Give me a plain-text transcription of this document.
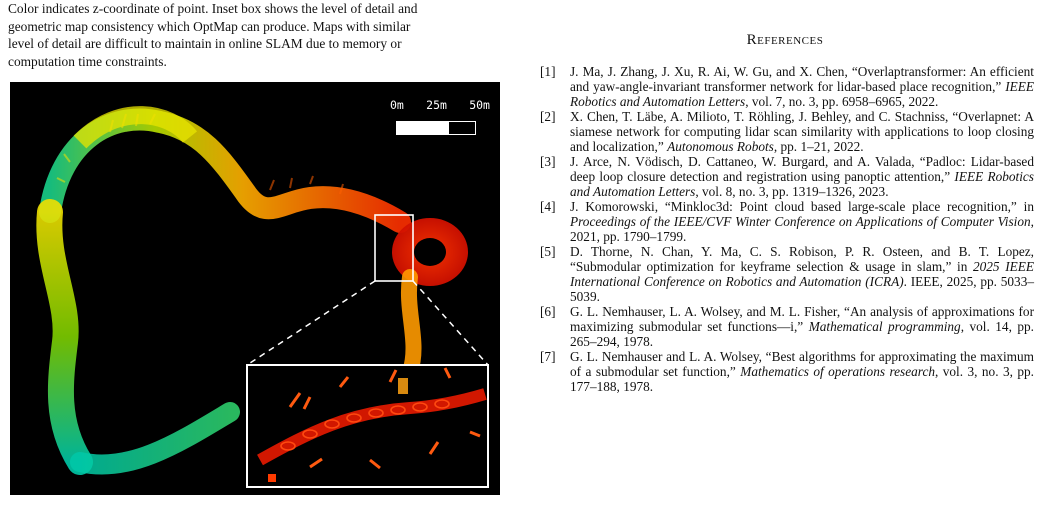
Color indicates z-coordinate of point. Inset box shows the level of detail and

geometric map consistency which OptMap can produce. Maps with similar

level of detail are difficult to maintain in online SLAM due to memory or

computation time constraints.

0m 25m 50m
References
[1] J. Ma, J. Zhang, J. Xu, R. Ai, W. Gu, and X. Chen, “Overlaptransformer: An efficient and yaw-angle-invariant transformer network for lidar-based place recognition,” IEEE Robotics and Automation Letters, vol. 7, no. 3, pp. 6958–6965, 2022.
[2] X. Chen, T. Läbe, A. Milioto, T. Röhling, J. Behley, and C. Stachniss, “Overlapnet: A siamese network for computing lidar scan similarity with applications to loop closing and localization,” Autonomous Robots, pp. 1–21, 2022.
[3] J. Arce, N. Vödisch, D. Cattaneo, W. Burgard, and A. Valada, “Padloc: Lidar-based deep loop closure detection and registration using panoptic attention,” IEEE Robotics and Automation Letters, vol. 8, no. 3, pp. 1319–1326, 2023.
[4] J. Komorowski, “Minkloc3d: Point cloud based large-scale place recognition,” in Proceedings of the IEEE/CVF Winter Conference on Applications of Computer Vision, 2021, pp. 1790–1799.
[5] D. Thorne, N. Chan, Y. Ma, C. S. Robison, P. R. Osteen, and B. T. Lopez, “Submodular optimization for keyframe selection & usage in slam,” in 2025 IEEE International Conference on Robotics and Automation (ICRA). IEEE, 2025, pp. 5033–5039.
[6] G. L. Nemhauser, L. A. Wolsey, and M. L. Fisher, “An analysis of approximations for maximizing submodular set functions—i,” Mathematical programming, vol. 14, pp. 265–294, 1978.
[7] G. L. Nemhauser and L. A. Wolsey, “Best algorithms for approximating the maximum of a submodular set function,” Mathematics of operations research, vol. 3, no. 3, pp. 177–188, 1978.
